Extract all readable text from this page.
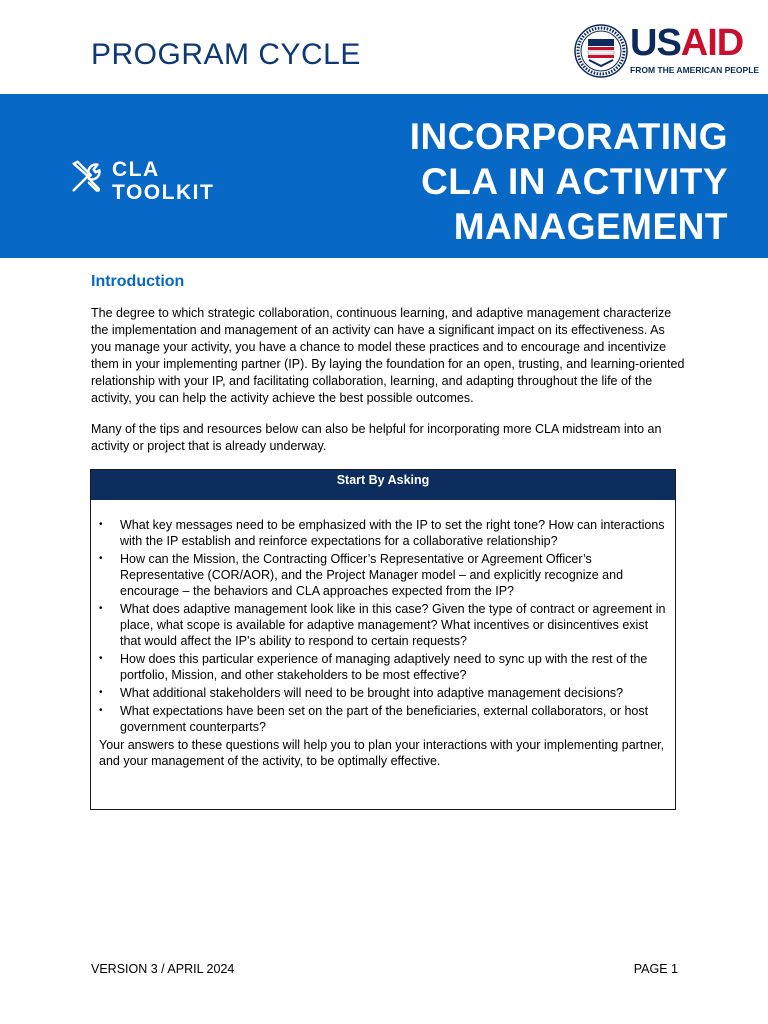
PROGRAM CYCLE	USAID
FROM THE AMERICAN PEOPLE
CLA
TOOLKIT
INCORPORATING
CLA IN ACTIVITY
MANAGEMENT
Introduction

The degree to which strategic collaboration, continuous learning, and adaptive management characterize the implementation and management of an activity can have a significant impact on its effectiveness. As you manage your activity, you have a chance to model these practices and to encourage and incentivize them in your implementing partner (IP). By laying the foundation for an open, trusting, and learning-oriented relationship with your IP, and facilitating collaboration, learning, and adapting throughout the life of the activity, you can help the activity achieve the best possible outcomes.

Many of the tips and resources below can also be helpful for incorporating more CLA midstream into an activity or project that is already underway.

Start By Asking
• What key messages need to be emphasized with the IP to set the right tone? How can interactions with the IP establish and reinforce expectations for a collaborative relationship?
• How can the Mission, the Contracting Officer’s Representative or Agreement Officer’s Representative (COR/AOR), and the Project Manager model – and explicitly recognize and encourage – the behaviors and CLA approaches expected from the IP?
• What does adaptive management look like in this case? Given the type of contract or agreement in place, what scope is available for adaptive management? What incentives or disincentives exist that would affect the IP’s ability to respond to certain requests?
• How does this particular experience of managing adaptively need to sync up with the rest of the portfolio, Mission, and other stakeholders to be most effective?
• What additional stakeholders will need to be brought into adaptive management decisions?
• What expectations have been set on the part of the beneficiaries, external collaborators, or host government counterparts?

Your answers to these questions will help you to plan your interactions with your implementing partner, and your management of the activity, to be optimally effective.

VERSION 3 / APRIL 2024	PAGE 1
